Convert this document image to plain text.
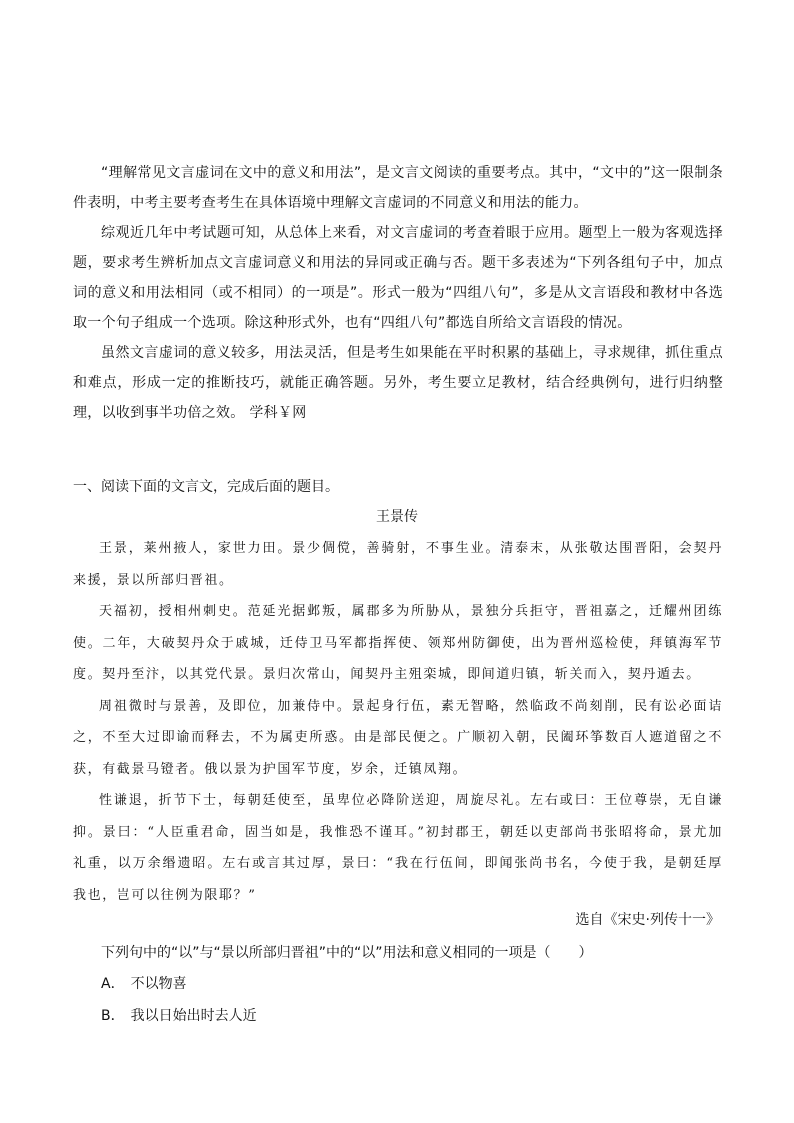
“理解常见文言虚词在文中的意义和用法”，是文言文阅读的重要考点。其中，“文中的”这一限制条件表明，中考主要考查考生在具体语境中理解文言虚词的不同意义和用法的能力。

综观近几年中考试题可知，从总体上来看，对文言虚词的考查着眼于应用。题型上一般为客观选择题，要求考生辨析加点文言虚词意义和用法的异同或正确与否。题干多表述为“下列各组句子中，加点词的意义和用法相同（或不相同）的一项是”。形式一般为“四组八句”，多是从文言语段和教材中各选取一个句子组成一个选项。除这种形式外，也有“四组八句”都选自所给文言语段的情况。

虽然文言虚词的意义较多，用法灵活，但是考生如果能在平时积累的基础上，寻求规律，抓住重点和难点，形成一定的推断技巧，就能正确答题。另外，考生要立足教材，结合经典例句，进行归纳整理，以收到事半功倍之效。 学科￥网

一、阅读下面的文言文，完成后面的题目。

王景传

王景，莱州掖人，家世力田。景少倜傥，善骑射，不事生业。清泰末，从张敬达围晋阳，会契丹来援，景以所部归晋祖。

天福初，授相州刺史。范延光据邺叛，属郡多为所胁从，景独分兵拒守，晋祖嘉之，迁耀州团练使。二年，大破契丹众于戚城，迁侍卫马军都指挥使、领郑州防御使，出为晋州巡检使，拜镇海军节度。契丹至汴，以其党代景。景归次常山，闻契丹主殂栾城，即间道归镇，斩关而入，契丹遁去。

周祖微时与景善，及即位，加兼侍中。景起身行伍，素无智略，然临政不尚刻削，民有讼必面诘之，不至大过即谕而释去，不为属吏所惑。由是部民便之。广顺初入朝，民阖环筝数百人遮道留之不获，有截景马镫者。俄以景为护国军节度，岁余，迁镇凤翔。

性谦退，折节下士，每朝廷使至，虽卑位必降阶送迎，周旋尽礼。左右或曰：王位尊崇，无自谦抑。景曰：“人臣重君命，固当如是，我惟恐不谨耳。”初封郡王，朝廷以吏部尚书张昭将命，景尤加礼重，以万余缗遗昭。左右或言其过厚，景曰：“我在行伍间，即闻张尚书名，今使于我，是朝廷厚我也，岂可以往例为限耶？”

选自《宋史·列传十一》

下列句中的“以”与“景以所部归晋祖”中的“以”用法和意义相同的一项是（　　）

A． 不以物喜
B． 我以日始出时去人近
